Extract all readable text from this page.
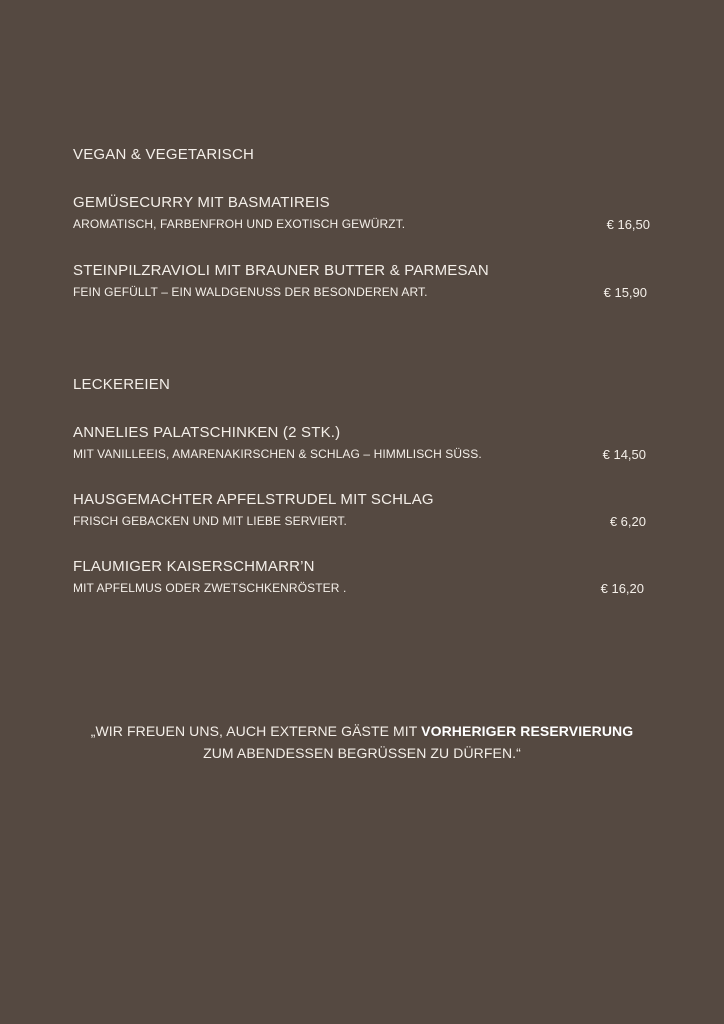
VEGAN & VEGETARISCH
GEMÜSECURRY MIT BASMATIREIS
AROMATISCH, FARBENFROH UND EXOTISCH GEWÜRZT.	€ 16,50
STEINPILZRAVIOLI MIT BRAUNER BUTTER & PARMESAN
FEIN GEFÜLLT – EIN WALDGENUSS DER BESONDEREN ART.	€ 15,90
LECKEREIEN
ANNELIES PALATSCHINKEN (2 STK.)
MIT VANILLEEIS, AMARENAKIRSCHEN & SCHLAG – HIMMLISCH SÜSS.	€ 14,50
HAUSGEMACHTER APFELSTRUDEL MIT SCHLAG
FRISCH GEBACKEN UND MIT LIEBE SERVIERT.	€ 6,20
FLAUMIGER KAISERSCHMARR’N
MIT APFELMUS ODER ZWETSCHKENRÖSTER .	€ 16,20
„WIR FREUEN UNS, AUCH EXTERNE GÄSTE MIT VORHERIGER RESERVIERUNG
ZUM ABENDESSEN BEGRÜSSEN ZU DÜRFEN.“
